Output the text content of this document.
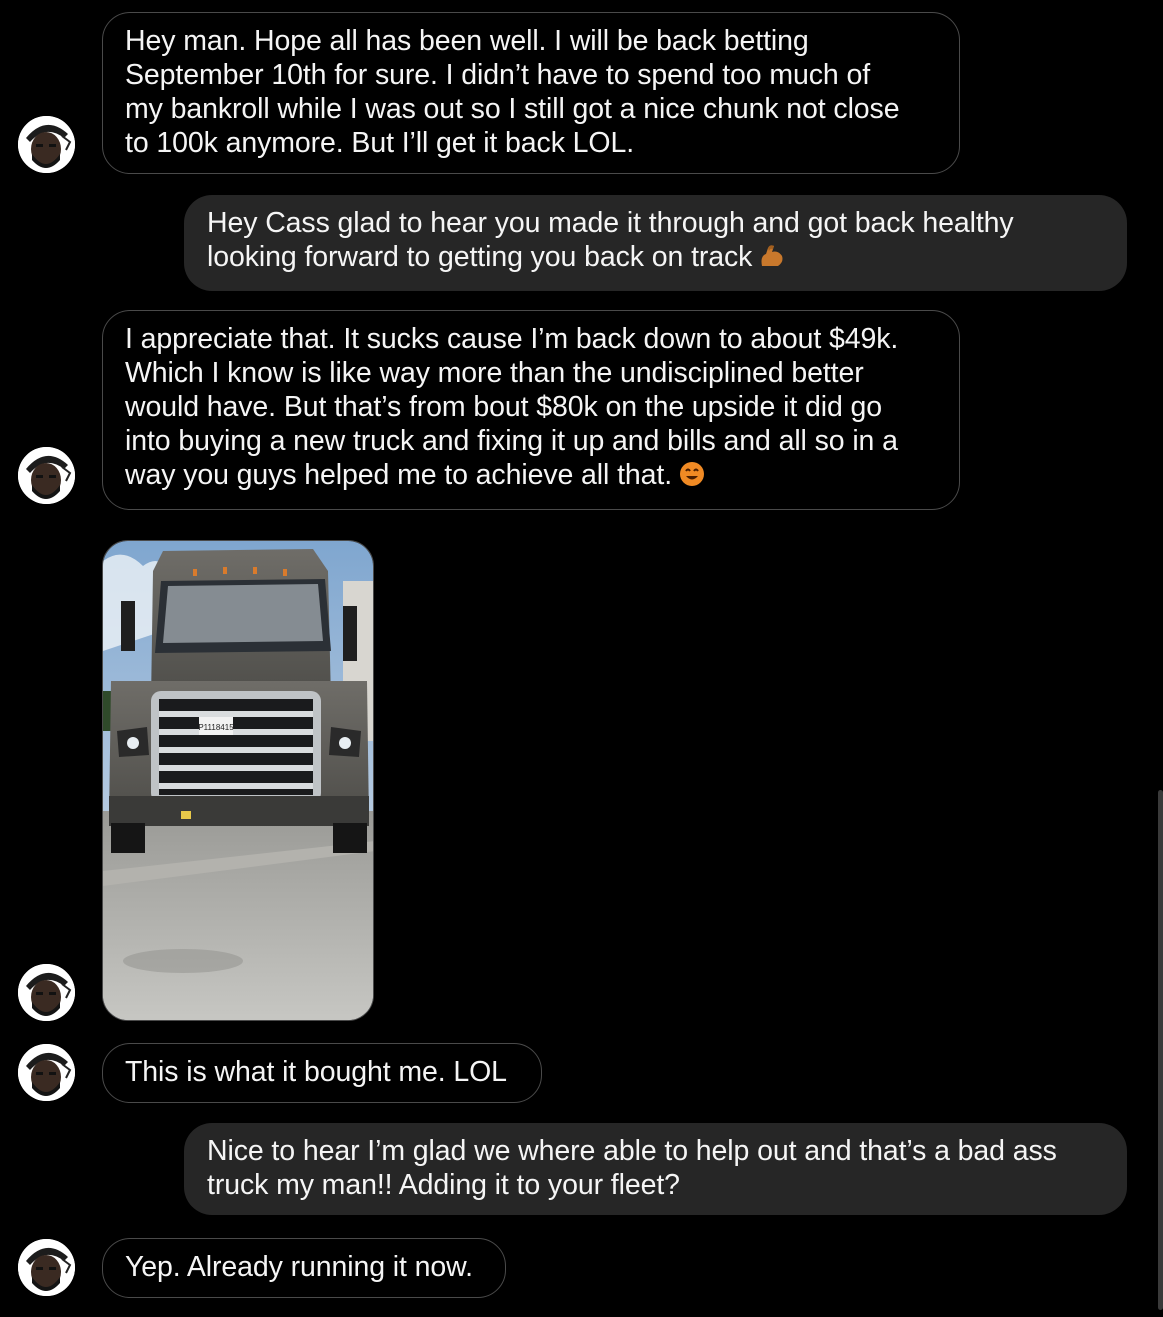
Hey man. Hope all has been well. I will be back betting
September 10th for sure. I didn’t have to spend too much of
my bankroll while I was out so I still got a nice chunk not close
to 100k anymore. But I’ll get it back LOL.
Hey Cass glad to hear you made it through and got back healthy
looking forward to getting you back on track
I appreciate that. It sucks cause I’m back down to about $49k.
Which I know is like way more than the undisciplined better
would have. But that’s from bout $80k on the upside it did go
into buying a new truck and fixing it up and bills and all so in a
way you guys helped me to achieve all that.
P1118415
This is what it bought me. LOL
Nice to hear I’m glad we where able to help out and that’s a bad ass
truck my man!! Adding it to your fleet?
Yep. Already running it now.
